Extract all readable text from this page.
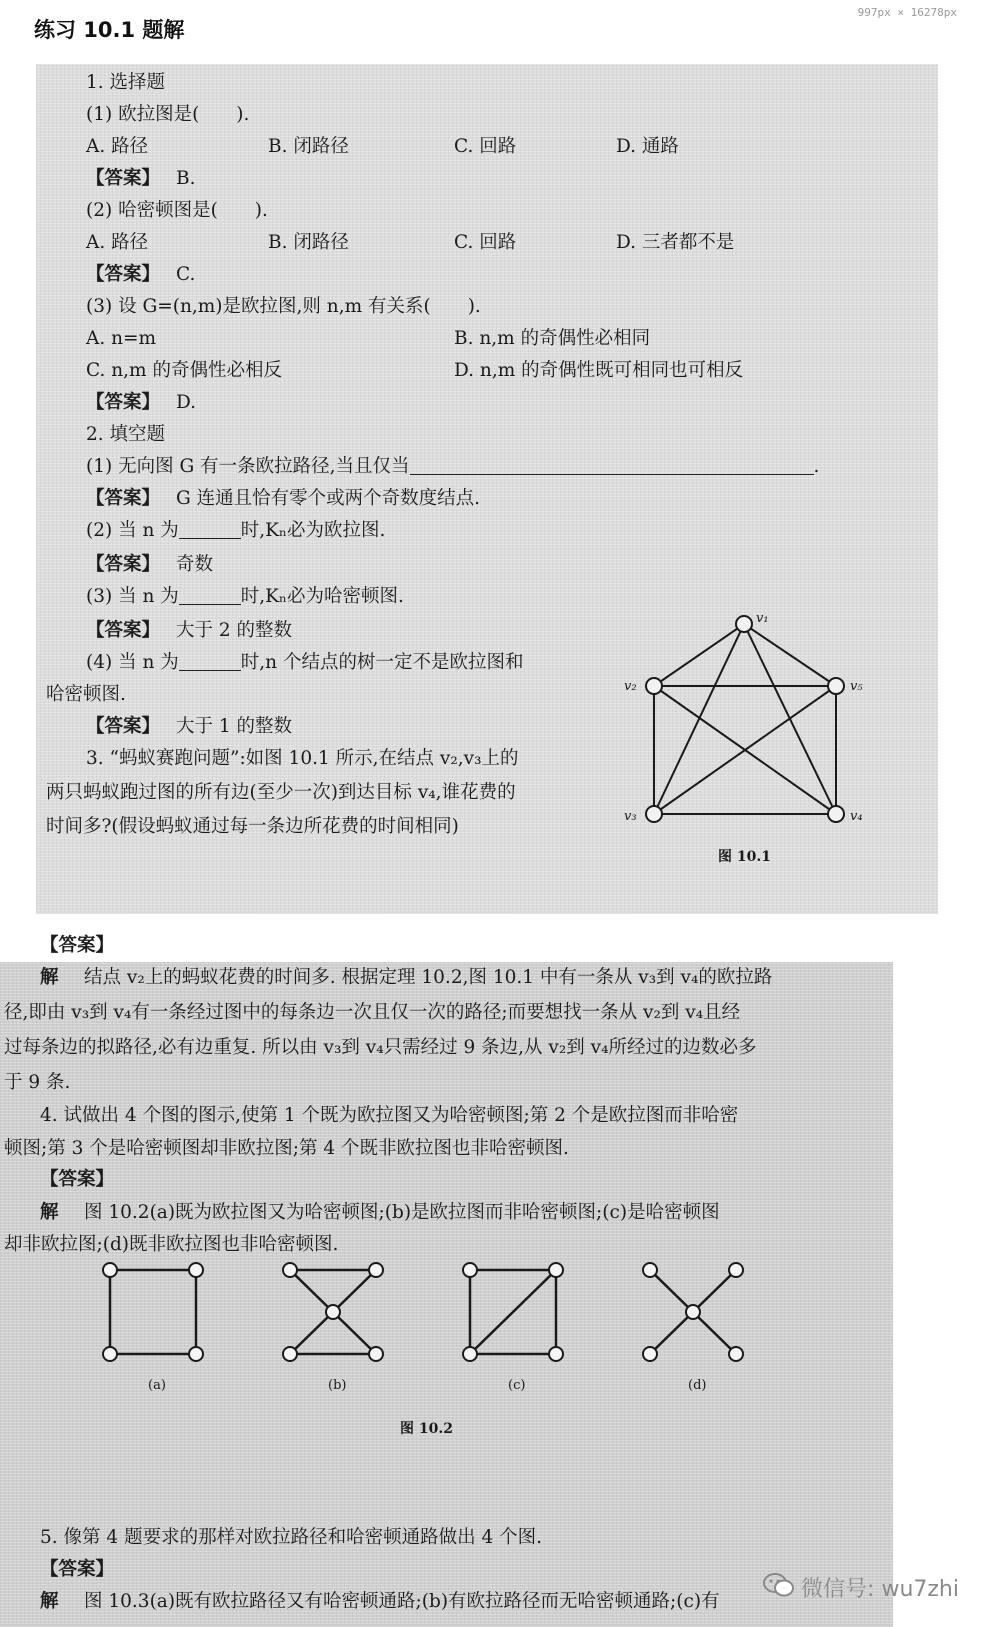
练习 10.1 题解
997px × 16278px
1. 选择题
(1) 欧拉图是(　　).
A. 路径	B. 闭路径	C. 回路	D. 通路
【答案】 B.
(2) 哈密顿图是(　　).
A. 路径	B. 闭路径	C. 回路	D. 三者都不是
【答案】 C.
(3) 设 G=(n,m)是欧拉图,则 n,m 有关系(　　).
A. n=m	B. n,m 的奇偶性必相同
C. n,m 的奇偶性必相反	D. n,m 的奇偶性既可相同也可相反
【答案】 D.
2. 填空题
(1) 无向图 G 有一条欧拉路径,当且仅当	.
【答案】 G 连通且恰有零个或两个奇数度结点.
(2) 当 n 为	时,Kₙ必为欧拉图.
【答案】 奇数
(3) 当 n 为	时,Kₙ必为哈密顿图.
【答案】 大于 2 的整数
(4) 当 n 为	时,n 个结点的树一定不是欧拉图和
哈密顿图.
【答案】 大于 1 的整数
3. “蚂蚁赛跑问题”:如图 10.1 所示,在结点 v₂,v₃上的
两只蚂蚁跑过图的所有边(至少一次)到达目标 v₄,谁花费的
时间多?(假设蚂蚁通过每一条边所花费的时间相同)
v₁
v₂	v₅
v₃	v₄
图 10.1
【答案】
解 结点 v₂上的蚂蚁花费的时间多. 根据定理 10.2,图 10.1 中有一条从 v₃到 v₄的欧拉路
径,即由 v₃到 v₄有一条经过图中的每条边一次且仅一次的路径;而要想找一条从 v₂到 v₄且经
过每条边的拟路径,必有边重复. 所以由 v₃到 v₄只需经过 9 条边,从 v₂到 v₄所经过的边数必多
于 9 条.
4. 试做出 4 个图的图示,使第 1 个既为欧拉图又为哈密顿图;第 2 个是欧拉图而非哈密
顿图;第 3 个是哈密顿图却非欧拉图;第 4 个既非欧拉图也非哈密顿图.
【答案】
解 图 10.2(a)既为欧拉图又为哈密顿图;(b)是欧拉图而非哈密顿图;(c)是哈密顿图
却非欧拉图;(d)既非欧拉图也非哈密顿图.
(a)	(b)	(c)	(d)
图 10.2
5. 像第 4 题要求的那样对欧拉路径和哈密顿通路做出 4 个图.
【答案】
解 图 10.3(a)既有欧拉路径又有哈密顿通路;(b)有欧拉路径而无哈密顿通路;(c)有	微信号: wu7zhi
